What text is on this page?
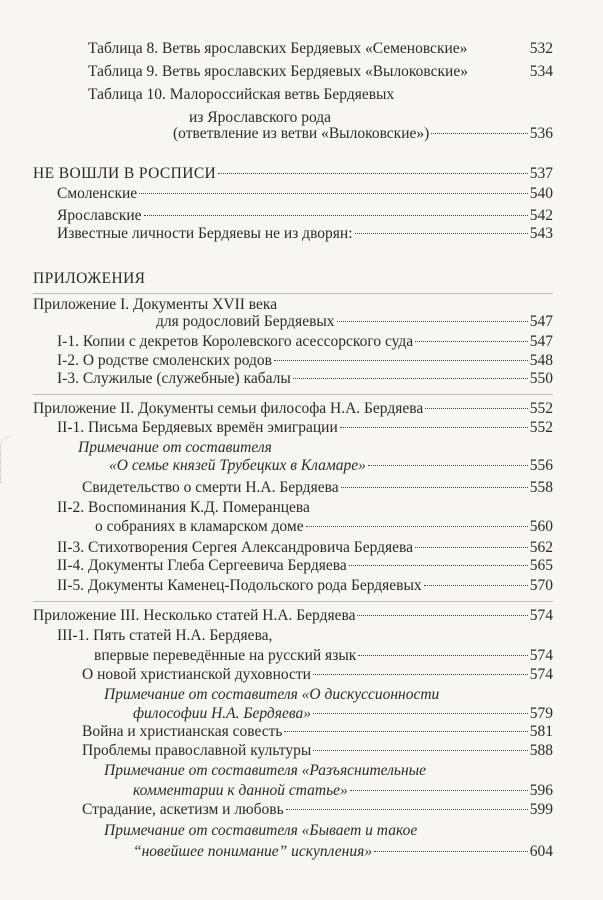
Таблица 8. Ветвь ярославских Бердяевых «Семеновские»	532
Таблица 9. Ветвь ярославских Бердяевых «Вылоковские»	534
Таблица 10. Малороссийская ветвь Бердяевых
из Ярославского рода
(ответвление из ветви «Вылоковские»)	536
НЕ ВОШЛИ В РОСПИСИ	537
Смоленские	540
Ярославские	542
Известные личности Бердяевы не из дворян:	543
ПРИЛОЖЕНИЯ
Приложение I. Документы XVII века
для родословий Бердяевых	547
I-1. Копии с декретов Королевского асессорского суда	547
I-2. О родстве смоленских родов	548
I-3. Служилые (служебные) кабалы	550
Приложение II. Документы семьи философа Н.А. Бердяева	552
II-1. Письма Бердяевых времён эмиграции	552
Примечание от составителя
«О семье князей Трубецких в Кламаре»	556
Свидетельство о смерти Н.А. Бердяева	558
II-2. Воспоминания К.Д. Померанцева
о собраниях в кламарском доме	560
II-3. Стихотворения Сергея Александровича Бердяева	562
II-4. Документы Глеба Сергеевича Бердяева	565
II-5. Документы Каменец-Подольского рода Бердяевых	570
Приложение III. Несколько статей Н.А. Бердяева	574
III-1. Пять статей Н.А. Бердяева,
впервые переведённые на русский язык	574
О новой христианской духовности	574
Примечание от составителя «О дискуссионности
философии Н.А. Бердяева»	579
Война и христианская совесть	581
Проблемы православной культуры	588
Примечание от составителя «Разъяснительные
комментарии к данной статье»	596
Страдание, аскетизм и любовь	599
Примечание от составителя «Бывает и такое
“новейшее понимание” искупления»	604
